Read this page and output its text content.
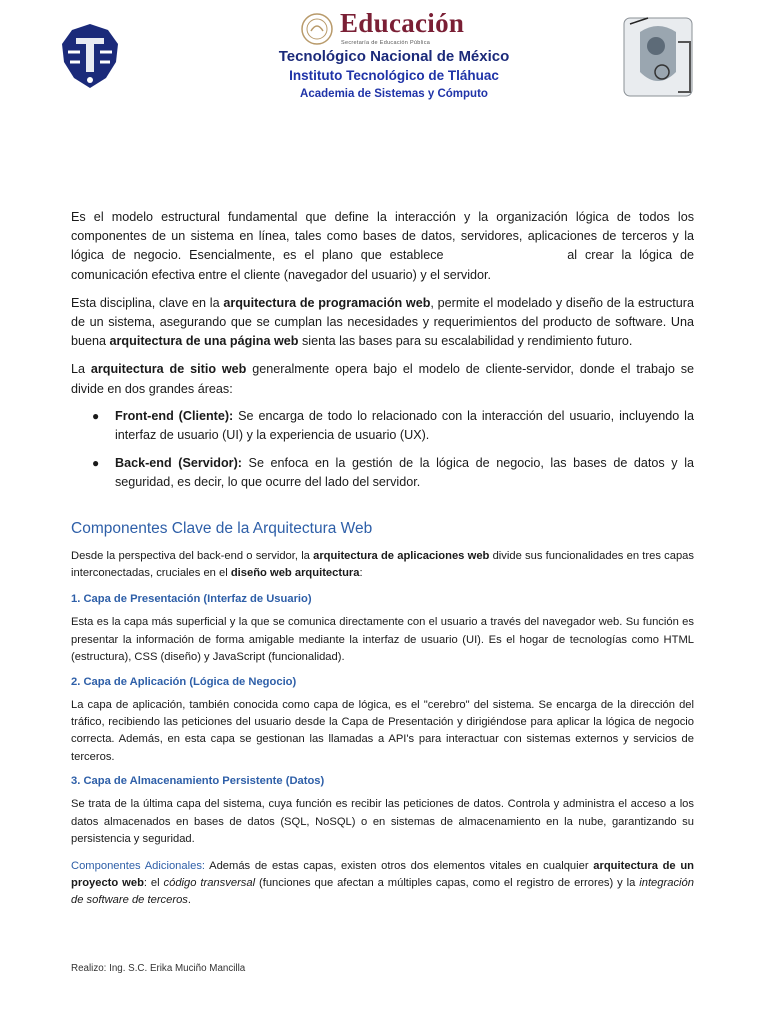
Educación
Secretaría de Educación Pública
Tecnológico Nacional de México
Instituto Tecnológico de Tláhuac
Academia de Sistemas y Cómputo

Es el modelo estructural fundamental que define la interacción y la organización lógica de todos los componentes de un sistema en línea, tales como bases de datos, servidores, aplicaciones de terceros y la lógica de negocio. Esencialmente, es el plano que establece	al crear la lógica de comunicación efectiva entre el cliente (navegador del usuario) y el servidor.

Esta disciplina, clave en la arquitectura de programación web, permite el modelado y diseño de la estructura de un sistema, asegurando que se cumplan las necesidades y requerimientos del producto de software. Una buena arquitectura de una página web sienta las bases para su escalabilidad y rendimiento futuro.

La arquitectura de sitio web generalmente opera bajo el modelo de cliente-servidor, donde el trabajo se divide en dos grandes áreas:

● Front-end (Cliente): Se encarga de todo lo relacionado con la interacción del usuario, incluyendo la interfaz de usuario (UI) y la experiencia de usuario (UX).
● Back-end (Servidor): Se enfoca en la gestión de la lógica de negocio, las bases de datos y la seguridad, es decir, lo que ocurre del lado del servidor.
Componentes Clave de la Arquitectura Web

Desde la perspectiva del back-end o servidor, la arquitectura de aplicaciones web divide sus funcionalidades en tres capas interconectadas, cruciales en el diseño web arquitectura:

1. Capa de Presentación (Interfaz de Usuario)

Esta es la capa más superficial y la que se comunica directamente con el usuario a través del navegador web. Su función es presentar la información de forma amigable mediante la interfaz de usuario (UI). Es el hogar de tecnologías como HTML (estructura), CSS (diseño) y JavaScript (funcionalidad).

2. Capa de Aplicación (Lógica de Negocio)

La capa de aplicación, también conocida como capa de lógica, es el "cerebro" del sistema. Se encarga de la dirección del tráfico, recibiendo las peticiones del usuario desde la Capa de Presentación y dirigiéndose para aplicar la lógica de negocio correcta. Además, en esta capa se gestionan las llamadas a API's para interactuar con sistemas externos y servicios de terceros.

3. Capa de Almacenamiento Persistente (Datos)

Se trata de la última capa del sistema, cuya función es recibir las peticiones de datos. Controla y administra el acceso a los datos almacenados en bases de datos (SQL, NoSQL) o en sistemas de almacenamiento en la nube, garantizando su persistencia y seguridad.

Componentes Adicionales: Además de estas capas, existen otros dos elementos vitales en cualquier arquitectura de un proyecto web: el código transversal (funciones que afectan a múltiples capas, como el registro de errores) y la integración de software de terceros.

Realizo: Ing. S.C. Erika Muciño Mancilla
